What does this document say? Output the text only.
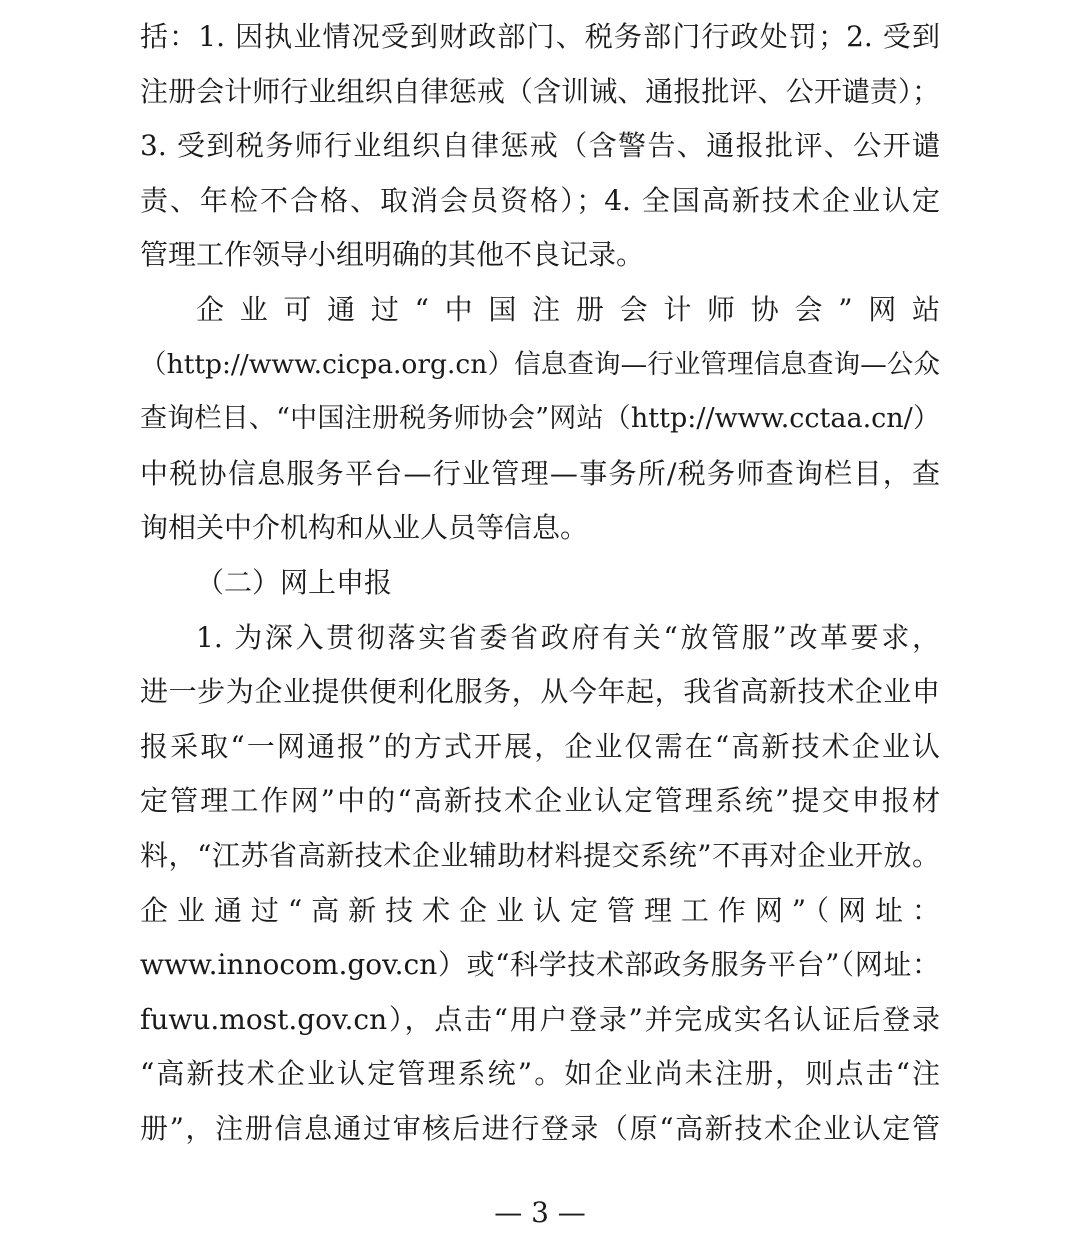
括：1. 因执业情况受到财政部门、税务部门行政处罚；2. 受到
注册会计师行业组织自律惩戒（含训诫、通报批评、公开谴责）；
3. 受到税务师行业组织自律惩戒（含警告、通报批评、公开谴
责、年检不合格、取消会员资格）；4. 全国高新技术企业认定
管理工作领导小组明确的其他不良记录。
企业可通过“中国注册会计师协会”网站
（http://www.cicpa.org.cn）信息查询—行业管理信息查询—公众
查询栏目、“中国注册税务师协会”网站（http://www.cctaa.cn/）
中税协信息服务平台—行业管理—事务所/税务师查询栏目，查
询相关中介机构和从业人员等信息。
（二）网上申报
1. 为深入贯彻落实省委省政府有关“放管服”改革要求，
进一步为企业提供便利化服务，从今年起，我省高新技术企业申
报采取“一网通报”的方式开展，企业仅需在“高新技术企业认
定管理工作网”中的“高新技术企业认定管理系统”提交申报材
料，“江苏省高新技术企业辅助材料提交系统”不再对企业开放。
企业通过“高新技术企业认定管理工作网”（网址：
www.innocom.gov.cn）或“科学技术部政务服务平台”（网址：
fuwu.most.gov.cn），点击“用户登录”并完成实名认证后登录
“高新技术企业认定管理系统”。如企业尚未注册，则点击“注
册”，注册信息通过审核后进行登录（原“高新技术企业认定管
— 3 —
